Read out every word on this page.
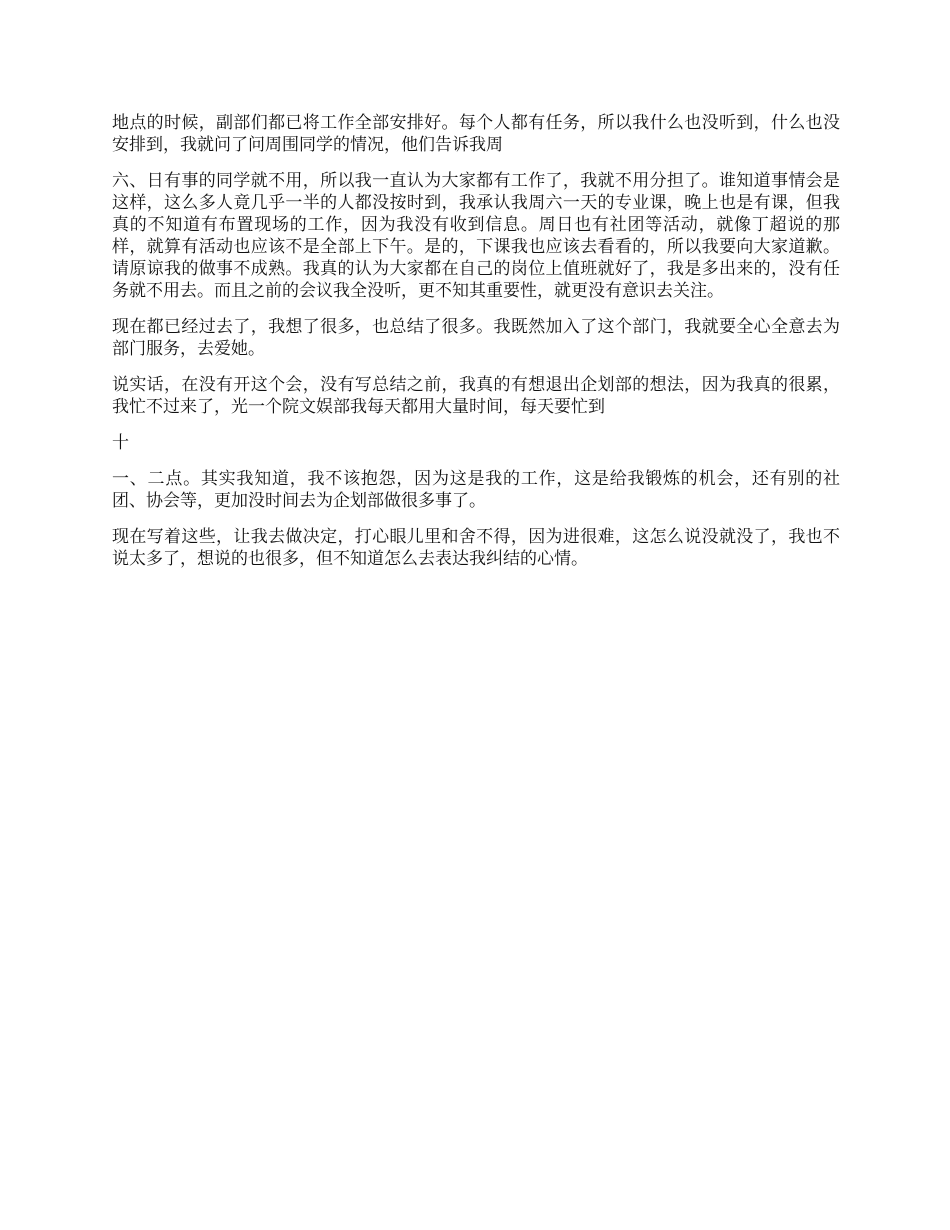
地点的时候，副部们都已将工作全部安排好。每个人都有任务，所以我什么也没听到，什么也没安排到，我就问了问周围同学的情况，他们告诉我周

六、日有事的同学就不用，所以我一直认为大家都有工作了，我就不用分担了。谁知道事情会是这样，这么多人竟几乎一半的人都没按时到，我承认我周六一天的专业课，晚上也是有课，但我真的不知道有布置现场的工作，因为我没有收到信息。周日也有社团等活动，就像丁超说的那样，就算有活动也应该不是全部上下午。是的，下课我也应该去看看的，所以我要向大家道歉。请原谅我的做事不成熟。我真的认为大家都在自己的岗位上值班就好了，我是多出来的，没有任务就不用去。而且之前的会议我全没听，更不知其重要性，就更没有意识去关注。

现在都已经过去了，我想了很多，也总结了很多。我既然加入了这个部门，我就要全心全意去为部门服务，去爱她。

说实话，在没有开这个会，没有写总结之前，我真的有想退出企划部的想法，因为我真的很累，我忙不过来了，光一个院文娱部我每天都用大量时间，每天要忙到

十

一、二点。其实我知道，我不该抱怨，因为这是我的工作，这是给我锻炼的机会，还有别的社团、协会等，更加没时间去为企划部做很多事了。

现在写着这些，让我去做决定，打心眼儿里和舍不得，因为进很难，这怎么说没就没了，我也不说太多了，想说的也很多，但不知道怎么去表达我纠结的心情。
